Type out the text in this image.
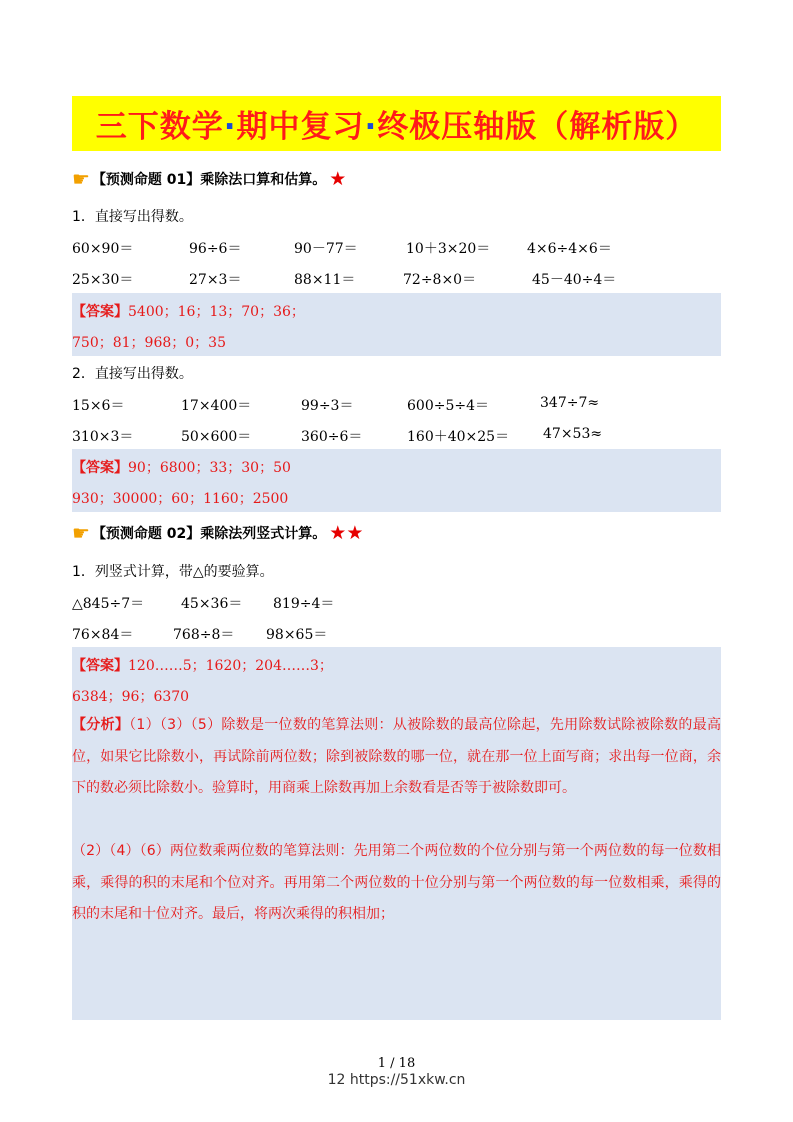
三下数学·期中复习·终极压轴版（解析版）
☛ 【预测命题 01】乘除法口算和估算。 ★
1．直接写出得数。
60×90＝	96÷6＝	90－77＝	10＋3×20＝	4×6÷4×6＝
25×30＝	27×3＝	88×11＝	72÷8×0＝	45－40÷4＝
【答案】5400；16；13；70；36；
750；81；968；0；35
2．直接写出得数。
15×6＝	17×400＝	99÷3＝	600÷5÷4＝	347÷7≈
310×3＝	50×600＝	360÷6＝	160＋40×25＝ 47×53≈
【答案】90；6800；33；30；50
930；30000；60；1160；2500
☛ 【预测命题 02】乘除法列竖式计算。 ★★
1．列竖式计算，带△的要验算。
△845÷7＝	45×36＝ 819÷4＝
76×84＝	768÷8＝ 98×65＝
【答案】120……5；1620；204……3；
6384；96；6370
【分析】（1）（3）（5）除数是一位数的笔算法则：从被除数的最高位除起，先用除数试除被除数的最高位，如果它比除数小，再试除前两位数；除到被除数的哪一位，就在那一位上面写商；求出每一位商，余下的数必须比除数小。验算时，用商乘上除数再加上余数看是否等于被除数即可。
（2）（4）（6）两位数乘两位数的笔算法则：先用第二个两位数的个位分别与第一个两位数的每一位数相乘，乘得的积的末尾和个位对齐。再用第二个两位数的十位分别与第一个两位数的每一位数相乘，乘得的积的末尾和十位对齐。最后，将两次乘得的积相加；
1 / 18
12 https://51xkw.cn
